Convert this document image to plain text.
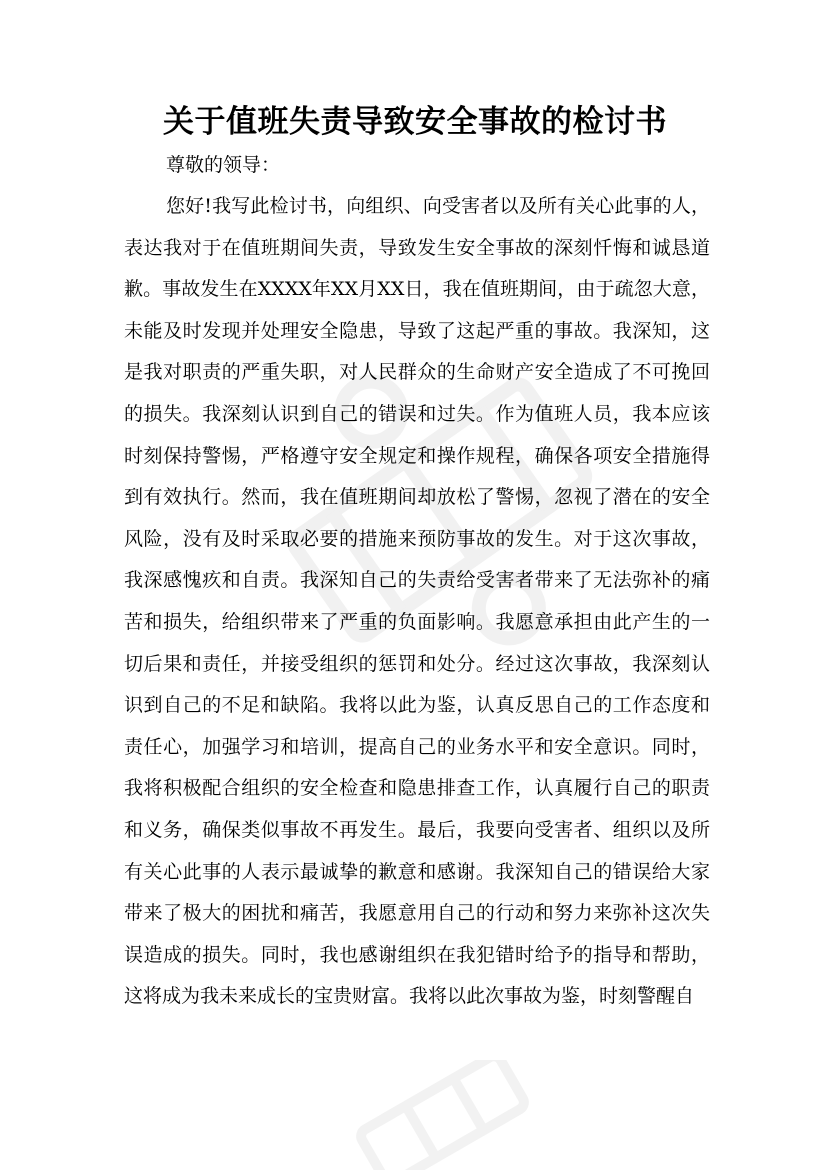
关于值班失责导致安全事故的检讨书
尊敬的领导：

您好!我写此检讨书，向组织、向受害者以及所有关心此事的人，表达我对于在值班期间失责，导致发生安全事故的深刻忏悔和诚恳道歉。事故发生在XXXX年XX月XX日，我在值班期间，由于疏忽大意，未能及时发现并处理安全隐患，导致了这起严重的事故。我深知，这是我对职责的严重失职，对人民群众的生命财产安全造成了不可挽回的损失。我深刻认识到自己的错误和过失。作为值班人员，我本应该时刻保持警惕，严格遵守安全规定和操作规程，确保各项安全措施得到有效执行。然而，我在值班期间却放松了警惕，忽视了潜在的安全风险，没有及时采取必要的措施来预防事故的发生。对于这次事故，我深感愧疚和自责。我深知自己的失责给受害者带来了无法弥补的痛苦和损失，给组织带来了严重的负面影响。我愿意承担由此产生的一切后果和责任，并接受组织的惩罚和处分。经过这次事故，我深刻认识到自己的不足和缺陷。我将以此为鉴，认真反思自己的工作态度和责任心，加强学习和培训，提高自己的业务水平和安全意识。同时，我将积极配合组织的安全检查和隐患排查工作，认真履行自己的职责和义务，确保类似事故不再发生。最后，我要向受害者、组织以及所有关心此事的人表示最诚挚的歉意和感谢。我深知自己的错误给大家带来了极大的困扰和痛苦，我愿意用自己的行动和努力来弥补这次失误造成的损失。同时，我也感谢组织在我犯错时给予的指导和帮助，这将成为我未来成长的宝贵财富。我将以此次事故为鉴，时刻警醒自
